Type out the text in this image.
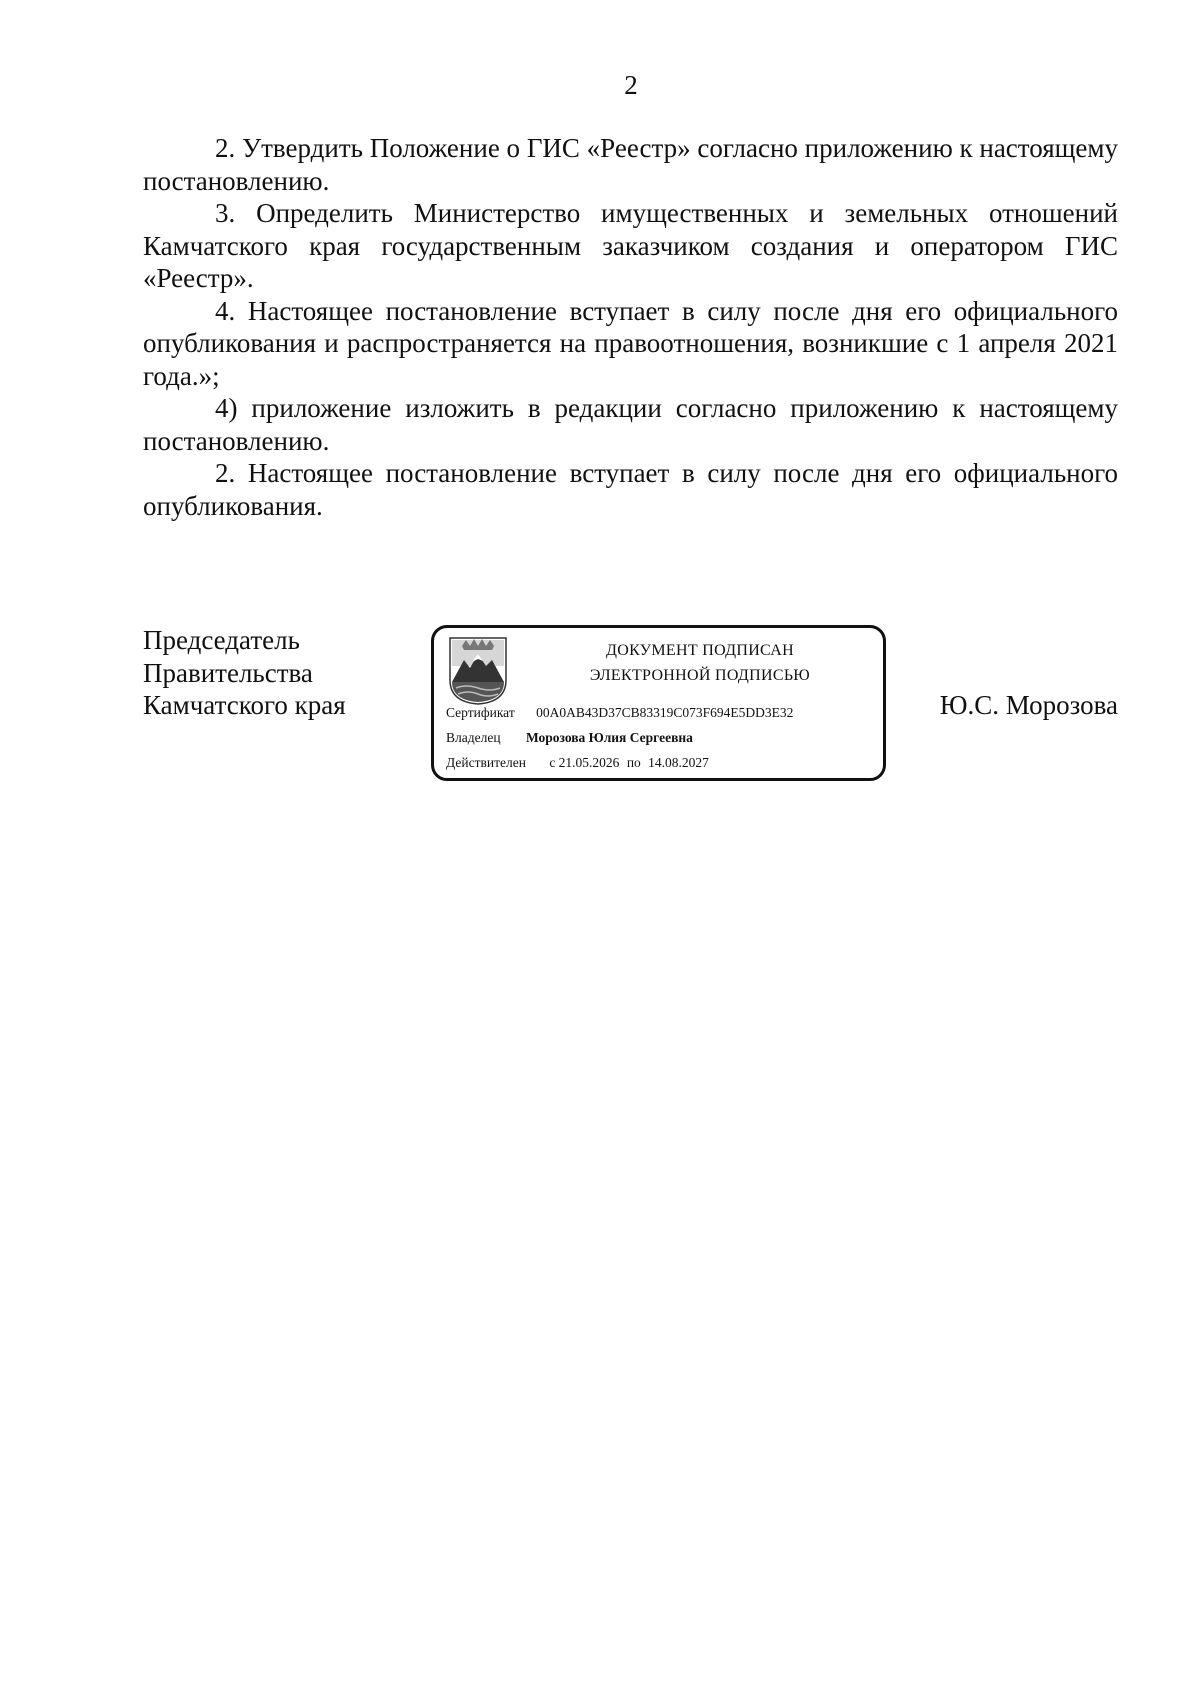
2

2. Утвердить Положение о ГИС «Реестр» согласно приложению к настоящему постановлению.

3. Определить Министерство имущественных и земельных отношений Камчатского края государственным заказчиком создания и оператором ГИС «Реестр».

4. Настоящее постановление вступает в силу после дня его официального опубликования и распространяется на правоотношения, возникшие с 1 апреля 2021 года.»;

4) приложение изложить в редакции согласно приложению к настоящему постановлению.

2. Настоящее постановление вступает в силу после дня его официального опубликования.

Председатель
Правительства
Камчатского края	Ю.С. Морозова
ДОКУМЕНТ ПОДПИСАН
ЭЛЕКТРОННОЙ ПОДПИСЬЮ
Сертификат 00A0AB43D37CB83319C073F694E5DD3E32
Владелец Морозова Юлия Сергеевна
Действителен с 21.05.2026 по 14.08.2027
